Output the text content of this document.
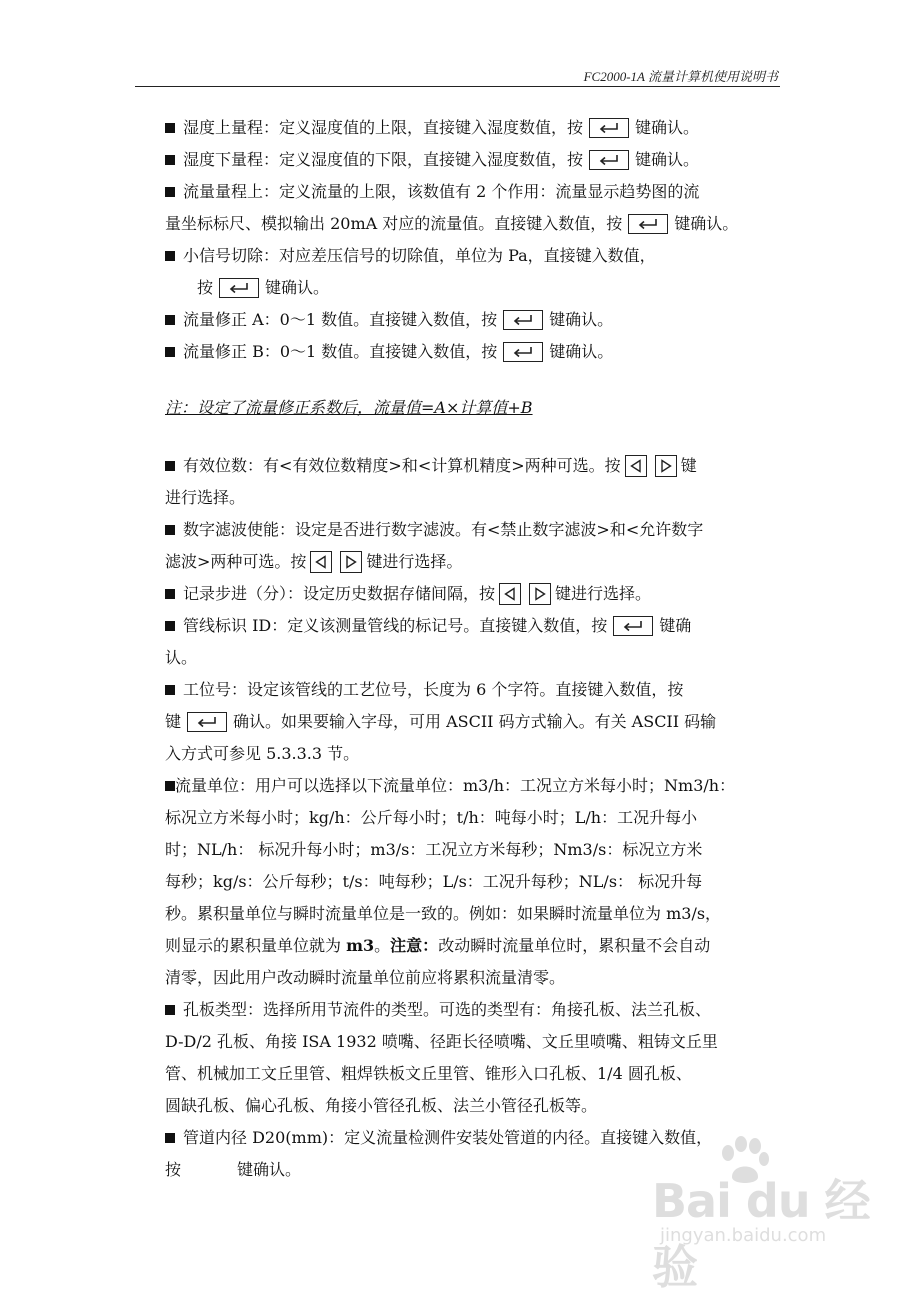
FC2000-1A 流量计算机使用说明书

湿度上量程：定义湿度值的上限，直接键入湿度数值，按	键确认。

湿度下量程：定义湿度值的下限，直接键入湿度数值，按	键确认。

流量量程上：定义流量的上限，该数值有 2 个作用：流量显示趋势图的流
量坐标标尺、模拟输出 20mA 对应的流量值。直接键入数值，按	键确认。

小信号切除：对应差压信号的切除值，单位为 Pa，直接键入数值，
按	键确认。

流量修正 A：0～1 数值。直接键入数值，按	键确认。

流量修正 B：0～1 数值。直接键入数值，按	键确认。

注：设定了流量修正系数后，流量值=A×计算值+B

有效位数：有<有效位数精度>和<计算机精度>两种可选。按	键
进行选择。

数字滤波使能：设定是否进行数字滤波。有<禁止数字滤波>和<允许数字
滤波>两种可选。按	键进行选择。

记录步进（分）：设定历史数据存储间隔，按	键进行选择。

管线标识 ID：定义该测量管线的标记号。直接键入数值，按	键确
认。

工位号：设定该管线的工艺位号，长度为 6 个字符。直接键入数值，按
键	确认。如果要输入字母，可用 ASCII 码方式输入。有关 ASCII 码输
入方式可参见 5.3.3.3 节。

流量单位：用户可以选择以下流量单位：m3/h：工况立方米每小时；Nm3/h：
标况立方米每小时；kg/h：公斤每小时；t/h：吨每小时；L/h：工况升每小
时；NL/h： 标况升每小时；m3/s：工况立方米每秒；Nm3/s：标况立方米
每秒；kg/s：公斤每秒；t/s：吨每秒；L/s：工况升每秒；NL/s： 标况升每
秒。累积量单位与瞬时流量单位是一致的。例如：如果瞬时流量单位为 m3/s，
则显示的累积量单位就为 m3。注意：改动瞬时流量单位时，累积量不会自动
清零，因此用户改动瞬时流量单位前应将累积流量清零。

孔板类型：选择所用节流件的类型。可选的类型有：角接孔板、法兰孔板、
D-D/2 孔板、角接 ISA 1932 喷嘴、径距长径喷嘴、文丘里喷嘴、粗铸文丘里
管、机械加工文丘里管、粗焊铁板文丘里管、锥形入口孔板、1/4 圆孔板、
圆缺孔板、偏心孔板、角接小管径孔板、法兰小管径孔板等。

管道内径 D20(mm)：定义流量检测件安装处管道的内径。直接键入数值，
按	键确认。

Bai du 经验
jingyan.baidu.com
